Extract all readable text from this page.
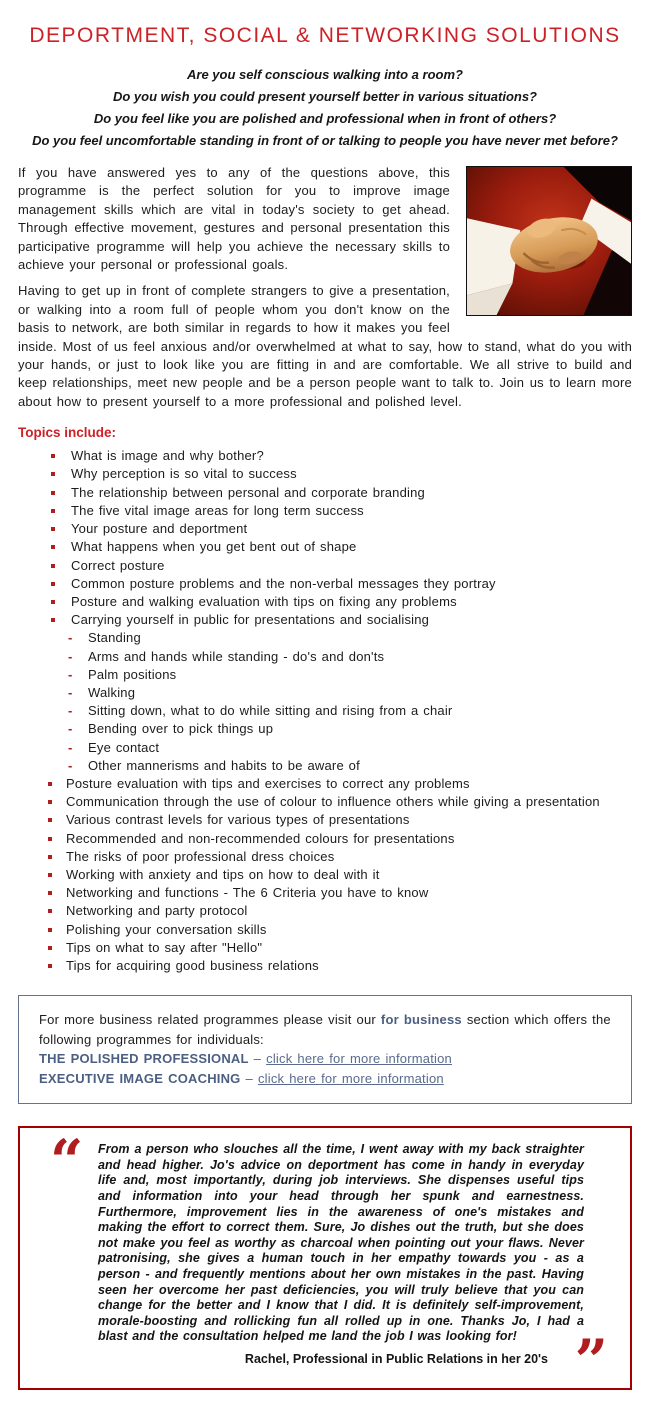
DEPORTMENT, SOCIAL & NETWORKING SOLUTIONS
Are you self conscious walking into a room?
Do you wish you could present yourself better in various situations?
Do you feel like you are polished and professional when in front of others?
Do you feel uncomfortable standing in front of or talking to people you have never met before?

If you have answered yes to any of the questions above, this programme is the perfect solution for you to improve image management skills which are vital in today's society to get ahead. Through effective movement, gestures and personal presentation this participative programme will help you achieve the necessary skills to achieve your personal or professional goals.

Having to get up in front of complete strangers to give a presentation, or walking into a room full of people whom you don't know on the basis to network, are both similar in regards to how it makes you feel inside. Most of us feel anxious and/or overwhelmed at what to say, how to stand, what do you with your hands, or just to look like you are fitting in and are comfortable. We all strive to build and keep relationships, meet new people and be a person people want to talk to. Join us to learn more about how to present yourself to a more professional and polished level.

Topics include:
What is image and why bother?
Why perception is so vital to success
The relationship between personal and corporate branding
The five vital image areas for long term success
Your posture and deportment
What happens when you get bent out of shape
Correct posture
Common posture problems and the non-verbal messages they portray
Posture and walking evaluation with tips on fixing any problems
Carrying yourself in public for presentations and socialising
- Standing
- Arms and hands while standing - do's and don'ts
- Palm positions
- Walking
- Sitting down, what to do while sitting and rising from a chair
- Bending over to pick things up
- Eye contact
- Other mannerisms and habits to be aware of
Posture evaluation with tips and exercises to correct any problems
Communication through the use of colour to influence others while giving a presentation
Various contrast levels for various types of presentations
Recommended and non-recommended colours for presentations
The risks of poor professional dress choices
Working with anxiety and tips on how to deal with it
Networking and functions - The 6 Criteria you have to know
Networking and party protocol
Polishing your conversation skills
Tips on what to say after "Hello"
Tips for acquiring good business relations

For more business related programmes please visit our for business section which offers the following programmes for individuals:

THE POLISHED PROFESSIONAL – click here for more information

EXECUTIVE IMAGE COACHING – click here for more information

“ From a person who slouches all the time, I went away with my back straighter and head higher. Jo's advice on deportment has come in handy in everyday life and, most importantly, during job interviews. She dispenses useful tips and information into your head through her spunk and earnestness. Furthermore, improvement lies in the awareness of one's mistakes and making the effort to correct them. Sure, Jo dishes out the truth, but she does not make you feel as worthy as charcoal when pointing out your flaws. Never patronising, she gives a human touch in her empathy towards you - as a person - and frequently mentions about her own mistakes in the past. Having seen her overcome her past deficiencies, you will truly believe that you can change for the better and I know that I did. It is definitely self-improvement, morale-boosting and rollicking fun all rolled up in one. Thanks Jo, I had a blast and the consultation helped me land the job I was looking for!

Rachel, Professional in Public Relations in her 20's ”
